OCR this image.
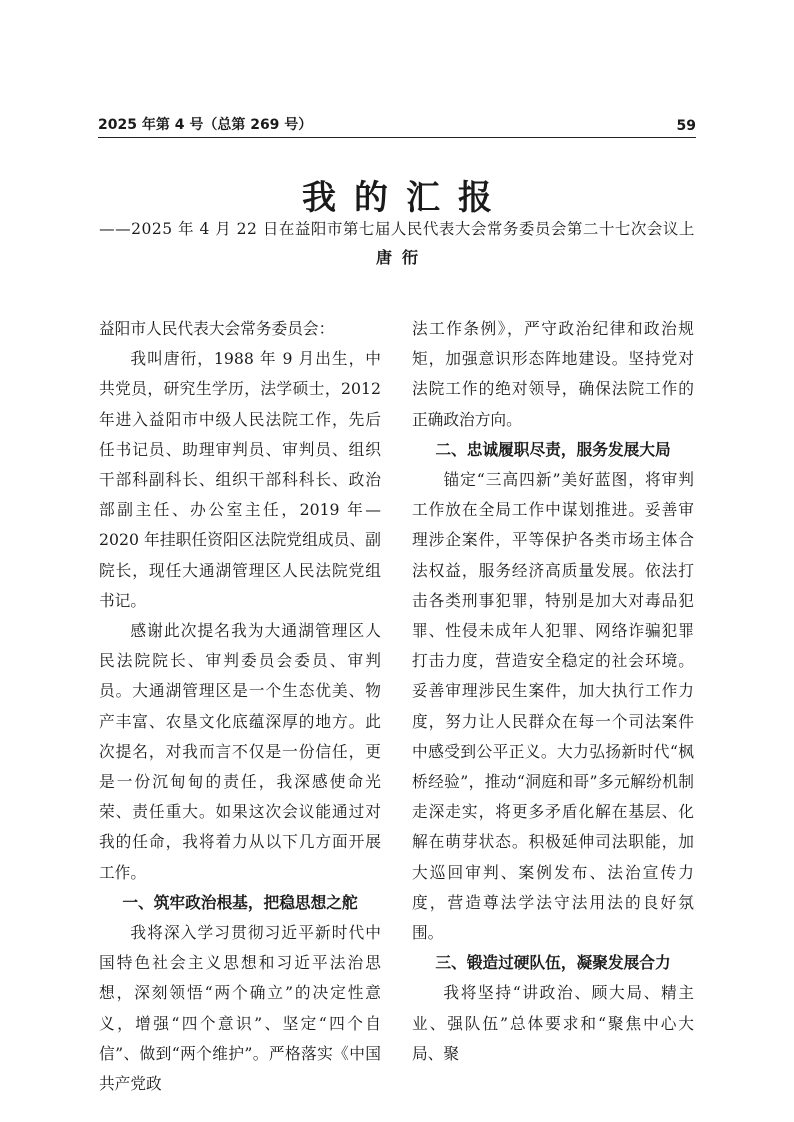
2025 年第 4 号（总第 269 号）	59
我的汇报
——2025 年 4 月 22 日在益阳市第七届人民代表大会常务委员会第二十七次会议上
唐衎

益阳市人民代表大会常务委员会：

我叫唐衎，1988 年 9 月出生，中共党员，研究生学历，法学硕士，2012 年进入益阳市中级人民法院工作，先后任书记员、助理审判员、审判员、组织干部科副科长、组织干部科科长、政治部副主任、办公室主任，2019 年—2020 年挂职任资阳区法院党组成员、副院长，现任大通湖管理区人民法院党组书记。

感谢此次提名我为大通湖管理区人民法院院长、审判委员会委员、审判员。大通湖管理区是一个生态优美、物产丰富、农垦文化底蕴深厚的地方。此次提名，对我而言不仅是一份信任，更是一份沉甸甸的责任，我深感使命光荣、责任重大。如果这次会议能通过对我的任命，我将着力从以下几方面开展工作。

一、筑牢政治根基，把稳思想之舵

我将深入学习贯彻习近平新时代中国特色社会主义思想和习近平法治思想，深刻领悟“两个确立”的决定性意义，增强“四个意识”、坚定“四个自信”、做到“两个维护”。严格落实《中国共产党政

法工作条例》，严守政治纪律和政治规矩，加强意识形态阵地建设。坚持党对法院工作的绝对领导，确保法院工作的正确政治方向。

二、忠诚履职尽责，服务发展大局

锚定“三高四新”美好蓝图，将审判工作放在全局工作中谋划推进。妥善审理涉企案件，平等保护各类市场主体合法权益，服务经济高质量发展。依法打击各类刑事犯罪，特别是加大对毒品犯罪、性侵未成年人犯罪、网络诈骗犯罪打击力度，营造安全稳定的社会环境。妥善审理涉民生案件，加大执行工作力度，努力让人民群众在每一个司法案件中感受到公平正义。大力弘扬新时代“枫桥经验”，推动“洞庭和哥”多元解纷机制走深走实，将更多矛盾化解在基层、化解在萌芽状态。积极延伸司法职能，加大巡回审判、案例发布、法治宣传力度，营造尊法学法守法用法的良好氛围。

三、锻造过硬队伍，凝聚发展合力

我将坚持“讲政治、顾大局、精主业、强队伍”总体要求和“聚焦中心大局、聚
